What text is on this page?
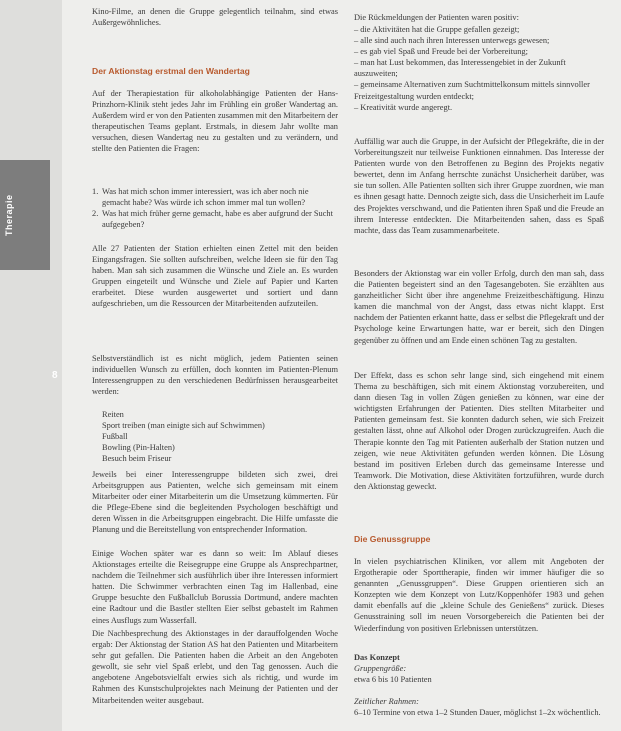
Therapie
8

Kino-Filme, an denen die Gruppe gelegentlich teilnahm, sind etwas Außergewöhnliches.

Der Aktionstag erstmal den Wandertag

Auf der Therapiestation für alkoholabhängige Patienten der Hans-Prinzhorn-Klinik steht jedes Jahr im Frühling ein großer Wandertag an. Außerdem wird er von den Patienten zusammen mit den Mitarbeitern der therapeutischen Teams geplant. Erstmals, in diesem Jahr wollte man versuchen, diesen Wandertag neu zu gestalten und zu verändern, und stellte den Patienten die Fragen:

1. Was hat mich schon immer interessiert, was ich aber noch nie gemacht habe? Was würde ich schon immer mal tun wollen?
2. Was hat mich früher gerne gemacht, habe es aber aufgrund der Sucht aufgegeben?

Alle 27 Patienten der Station erhielten einen Zettel mit den beiden Eingangsfragen. Sie sollten aufschreiben, welche Ideen sie für den Tag haben. Man sah sich zusammen die Wünsche und Ziele an. Es wurden Gruppen eingeteilt und Wünsche und Ziele auf Papier und Karten erarbeitet. Diese wurden ausgewertet und sortiert und dann aufgeschrieben, um die Ressourcen der Mitarbeitenden aufzuteilen.

Selbstverständlich ist es nicht möglich, jedem Patienten seinen individuellen Wunsch zu erfüllen, doch konnten im Patienten-Plenum Interessengruppen zu den verschiedenen Bedürfnissen herausgearbeitet werden:

Reiten
Sport treiben (man einigte sich auf Schwimmen)
Fußball
Bowling (Pin-Halten)
Besuch beim Friseur

Jeweils bei einer Interessengruppe bildeten sich zwei, drei Arbeitsgruppen aus Patienten, welche sich gemeinsam mit einem Mitarbeiter oder einer Mitarbeiterin um die Umsetzung kümmerten. Für die Pflege-Ebene sind die begleitenden Psychologen beschäftigt und deren Wissen in die Arbeitsgruppen eingebracht. Die Hilfe umfasste die Planung und die Bereitstellung von entsprechender Information.

Einige Wochen später war es dann so weit: Im Ablauf dieses Aktionstages erteilte die Reisegruppe eine Gruppe als Ansprechpartner, nachdem die Teilnehmer sich ausführlich über ihre Interessen informiert hatten. Die Schwimmer verbrachten einen Tag im Hallenbad, eine Gruppe besuchte den Fußballclub Borussia Dortmund, andere machten eine Radtour und die Bastler stellten Eier selbst gebastelt im Rahmen eines Ausflugs zum Wasserfall.

Die Nachbesprechung des Aktionstages in der darauffolgenden Woche ergab: Der Aktionstag der Station AS hat den Patienten und Mitarbeitern sehr gut gefallen. Die Patienten haben die Arbeit an den Angeboten gewollt, sie sehr viel Spaß erlebt, und den Tag genossen. Auch die angebotene Angebotsvielfalt erwies sich als richtig, und wurde im Rahmen des Kunstschulprojektes nach Meinung der Patienten und der Mitarbeitenden weiter ausgebaut.

Die Rückmeldungen der Patienten waren positiv:
– die Aktivitäten hat die Gruppe gefallen gezeigt;
– alle sind auch nach ihren Interessen unterwegs gewesen;
– es gab viel Spaß und Freude bei der Vorbereitung;
– man hat Lust bekommen, das Interessengebiet in der Zukunft auszuweiten;
– gemeinsame Alternativen zum Suchtmittelkonsum mittels sinnvoller Freizeitgestaltung wurden entdeckt;
– Kreativität wurde angeregt.

Auffällig war auch die Gruppe, in der Aufsicht der Pflegekräfte, die in der Vorbereitungszeit nur teilweise Funktionen einnahmen. Das Interesse der Patienten wurde von den Betroffenen zu Beginn des Projekts negativ bewertet, denn im Anfang herrschte zunächst Unsicherheit darüber, was sie tun sollen. Alle Patienten sollten sich ihrer Gruppe zuordnen, wie man es ihnen gesagt hatte. Dennoch zeigte sich, dass die Unsicherheit im Laufe des Projektes verschwand, und die Patienten ihren Spaß und die Freude an ihrem Interesse entdeckten. Die Mitarbeitenden sahen, dass es Spaß machte, dass das Team zusammenarbeitete.

Besonders der Aktionstag war ein voller Erfolg, durch den man sah, dass die Patienten begeistert sind an den Tagesangeboten. Sie erzählten aus ganzheitlicher Sicht über ihre angenehme Freizeitbeschäftigung. Hinzu kamen die manchmal von der Angst, dass etwas nicht klappt. Erst nachdem der Patienten erkannt hatte, dass er selbst die Pflegekraft und der Psychologe keine Erwartungen hatte, war er bereit, sich den Dingen gegenüber zu öffnen und am Ende einen schönen Tag zu gestalten.

Der Effekt, dass es schon sehr lange sind, sich eingehend mit einem Thema zu beschäftigen, sich mit einem Aktionstag vorzubereiten, und dann diesen Tag in vollen Zügen genießen zu können, war eine der wichtigsten Erfahrungen der Patienten. Dies stellten Mitarbeiter und Patienten gemeinsam fest. Sie konnten dadurch sehen, wie sich Freizeit gestalten lässt, ohne auf Alkohol oder Drogen zurückzugreifen. Auch die Therapie konnte den Tag mit Patienten außerhalb der Station nutzen und zeigen, wie neue Aktivitäten gefunden werden können. Die Lösung bestand im positiven Erleben durch das gemeinsame Interesse und Teamwork. Die Motivation, diese Aktivitäten fortzuführen, wurde durch den Aktionstag geweckt.

Die Genussgruppe

In vielen psychiatrischen Kliniken, vor allem mit Angeboten der Ergotherapie oder Sporttherapie, finden wir immer häufiger die so genannten „Genussgruppen“. Diese Gruppen orientieren sich an Konzepten wie dem Konzept von Lutz/Koppenhöfer 1983 und gehen damit ebenfalls auf die „kleine Schule des Genießens“ zurück. Dieses Genusstraining soll im neuen Vorsorgebereich die Patienten bei der Wiederfindung von positiven Erlebnissen unterstützen.

Das Konzept
Gruppengröße:
etwa 6 bis 10 Patienten
Zeitlicher Rahmen:
6–10 Termine von etwa 1–2 Stunden Dauer, möglichst 1–2x wöchentlich.
